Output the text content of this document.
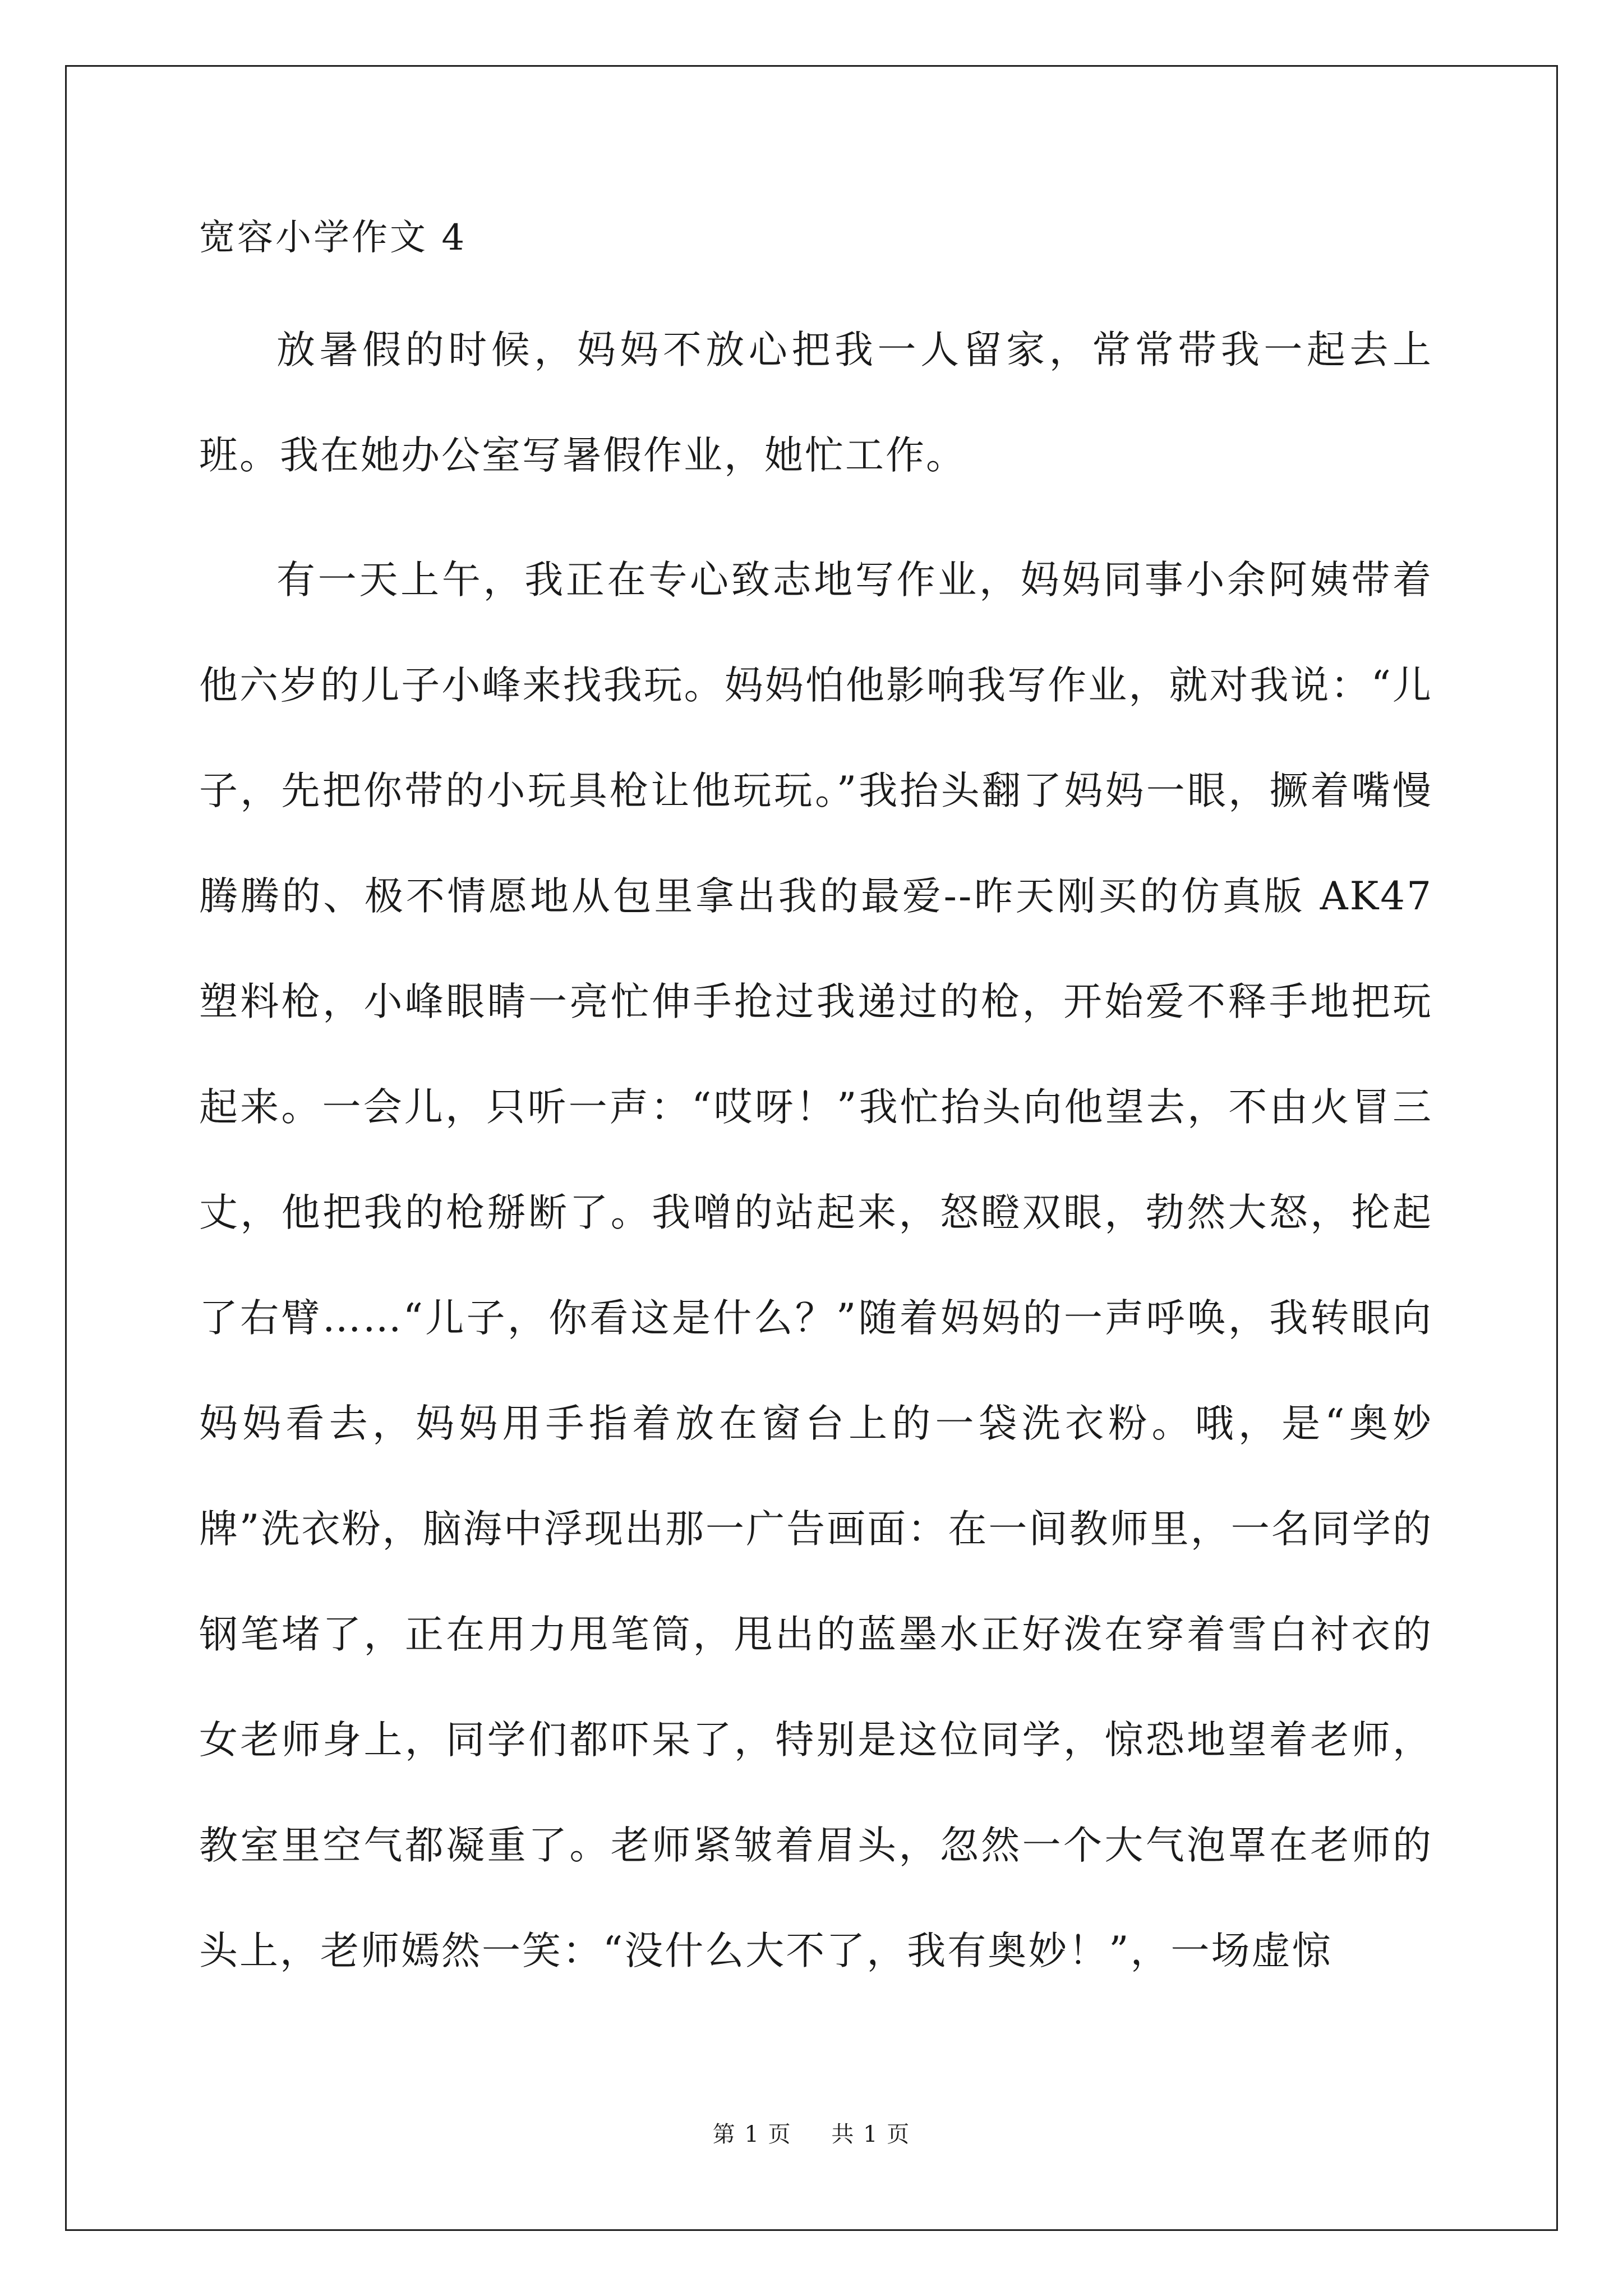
宽容小学作文 4

放暑假的时候，妈妈不放心把我一人留家，常常带我一起去上班。我在她办公室写暑假作业，她忙工作。

有一天上午，我正在专心致志地写作业，妈妈同事小余阿姨带着他六岁的儿子小峰来找我玩。妈妈怕他影响我写作业，就对我说：“儿子，先把你带的小玩具枪让他玩玩。”我抬头翻了妈妈一眼，撅着嘴慢腾腾的、极不情愿地从包里拿出我的最爱--昨天刚买的仿真版 AK47 塑料枪，小峰眼睛一亮忙伸手抢过我递过的枪，开始爱不释手地把玩起来。一会儿，只听一声：“哎呀！”我忙抬头向他望去，不由火冒三丈，他把我的枪掰断了。我噌的站起来，怒瞪双眼，勃然大怒，抡起了右臂……“儿子，你看这是什么？”随着妈妈的一声呼唤，我转眼向妈妈看去，妈妈用手指着放在窗台上的一袋洗衣粉。哦，是“奥妙牌”洗衣粉，脑海中浮现出那一广告画面：在一间教师里，一名同学的钢笔堵了，正在用力甩笔筒，甩出的蓝墨水正好泼在穿着雪白衬衣的女老师身上，同学们都吓呆了，特别是这位同学，惊恐地望着老师，教室里空气都凝重了。老师紧皱着眉头，忽然一个大气泡罩在老师的头上，老师嫣然一笑：“没什么大不了，我有奥妙！”，一场虚惊

第 1 页 共 1 页
